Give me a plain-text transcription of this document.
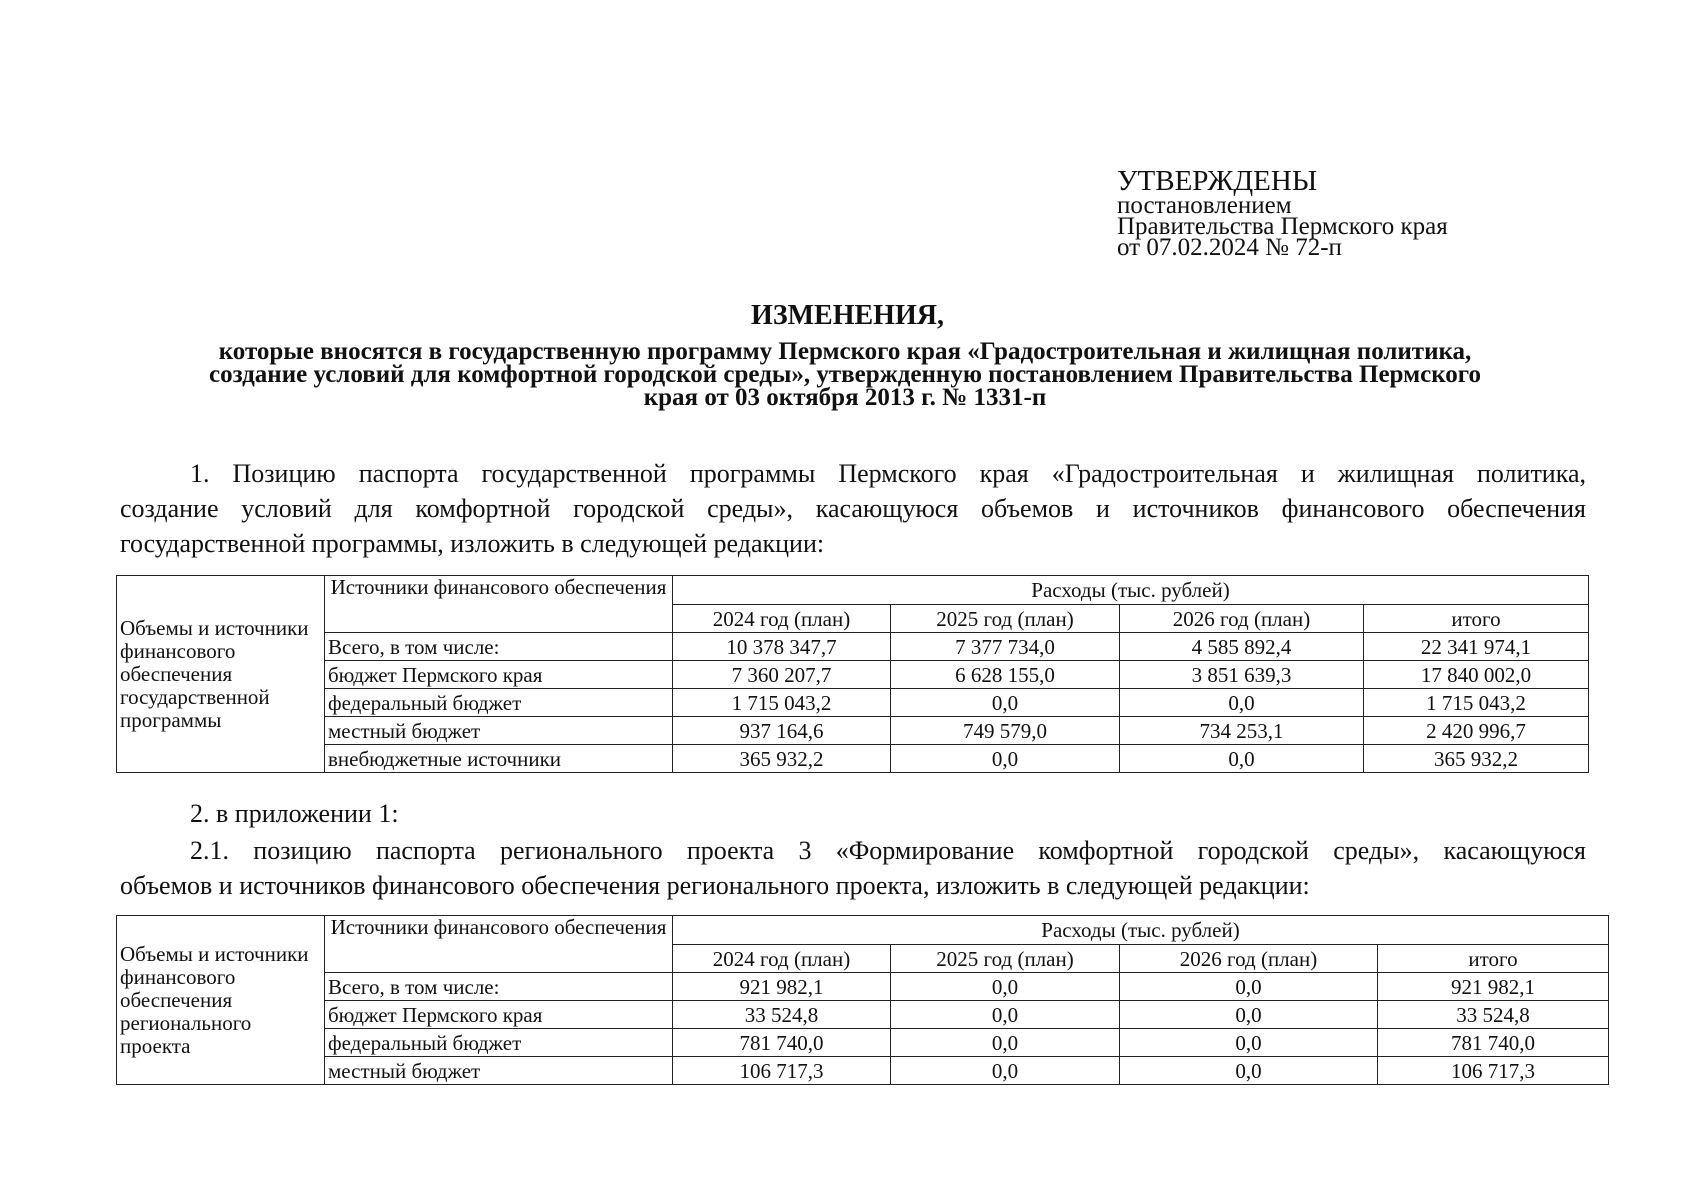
УТВЕРЖДЕНЫ
постановлением
Правительства Пермского края
от 07.02.2024 № 72-п
ИЗМЕНЕНИЯ,
которые вносятся в государственную программу Пермского края «Градостроительная и жилищная политика,
создание условий для комфортной городской среды», утвержденную постановлением Правительства Пермского
края от 03 октября 2013 г. № 1331-п
1. Позицию паспорта государственной программы Пермского края «Градостроительная и жилищная политика,
создание условий для комфортной городской среды», касающуюся объемов и источников финансового обеспечения
государственной программы, изложить в следующей редакции:
Объемы и источники финансового обеспечения государственной программы	Источники финансового обеспечения	Расходы (тыс. рублей)			
		2024 год (план)	2025 год (план)	2026 год (план)	итого
	Всего, в том числе:	10 378 347,7	7 377 734,0	4 585 892,4	22 341 974,1
	бюджет Пермского края	7 360 207,7	6 628 155,0	3 851 639,3	17 840 002,0
	федеральный бюджет	1 715 043,2	0,0	0,0	1 715 043,2
	местный бюджет	937 164,6	749 579,0	734 253,1	2 420 996,7
	внебюджетные источники	365 932,2	0,0	0,0	365 932,2
2. в приложении 1:
2.1. позицию паспорта регионального проекта 3 «Формирование комфортной городской среды», касающуюся
объемов и источников финансового обеспечения регионального проекта, изложить в следующей редакции:
Объемы и источники финансового обеспечения регионального проекта	Источники финансового обеспечения	Расходы (тыс. рублей)			
		2024 год (план)	2025 год (план)	2026 год (план)	итого
	Всего, в том числе:	921 982,1	0,0	0,0	921 982,1
	бюджет Пермского края	33 524,8	0,0	0,0	33 524,8
	федеральный бюджет	781 740,0	0,0	0,0	781 740,0
	местный бюджет	106 717,3	0,0	0,0	106 717,3
